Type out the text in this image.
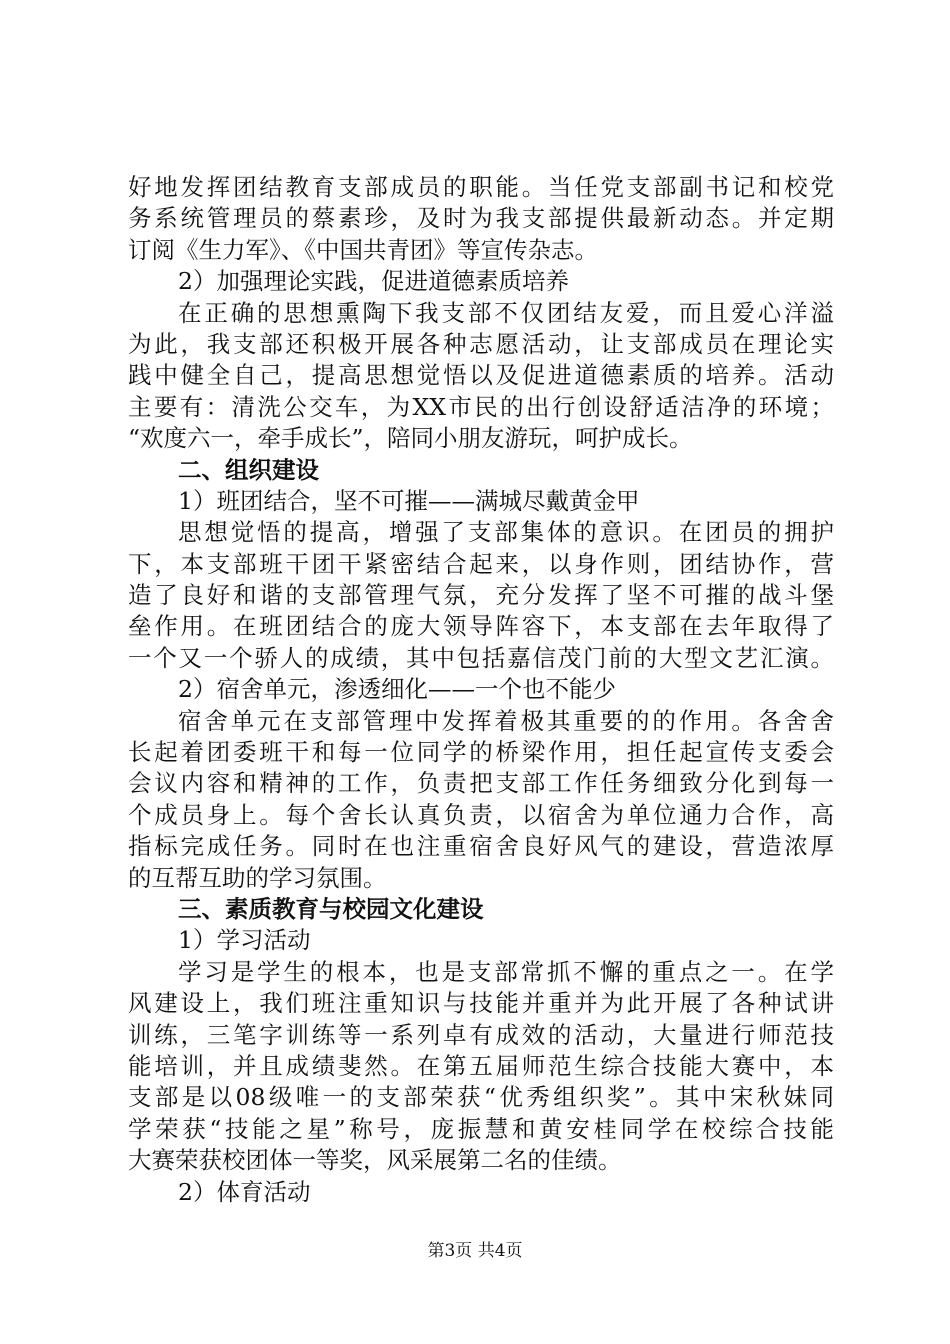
好地发挥团结教育支部成员的职能。当任党支部副书记和校党
务系统管理员的蔡素珍，及时为我支部提供最新动态。并定期
订阅《生力军》、《中国共青团》等宣传杂志。
2）加强理论实践，促进道德素质培养
在正确的思想熏陶下我支部不仅团结友爱，而且爱心洋溢
为此，我支部还积极开展各种志愿活动，让支部成员在理论实
践中健全自己，提高思想觉悟以及促进道德素质的培养。活动
主要有：清洗公交车，为XX市民的出行创设舒适洁净的环境；
“欢度六一，牵手成长”，陪同小朋友游玩，呵护成长。
二、组织建设
1）班团结合，坚不可摧——满城尽戴黄金甲
思想觉悟的提高，增强了支部集体的意识。在团员的拥护
下，本支部班干团干紧密结合起来，以身作则，团结协作，营
造了良好和谐的支部管理气氛，充分发挥了坚不可摧的战斗堡
垒作用。在班团结合的庞大领导阵容下，本支部在去年取得了
一个又一个骄人的成绩，其中包括嘉信茂门前的大型文艺汇演。
2）宿舍单元，渗透细化——一个也不能少
宿舍单元在支部管理中发挥着极其重要的的作用。各舍舍
长起着团委班干和每一位同学的桥梁作用，担任起宣传支委会
会议内容和精神的工作，负责把支部工作任务细致分化到每一
个成员身上。每个舍长认真负责，以宿舍为单位通力合作，高
指标完成任务。同时在也注重宿舍良好风气的建设，营造浓厚
的互帮互助的学习氛围。
三、素质教育与校园文化建设
1）学习活动
学习是学生的根本，也是支部常抓不懈的重点之一。在学
风建设上，我们班注重知识与技能并重并为此开展了各种试讲
训练，三笔字训练等一系列卓有成效的活动，大量进行师范技
能培训，并且成绩斐然。在第五届师范生综合技能大赛中，本
支部是以08级唯一的支部荣获“优秀组织奖”。其中宋秋妹同
学荣获“技能之星”称号，庞振慧和黄安桂同学在校综合技能
大赛荣获校团体一等奖，风采展第二名的佳绩。
2）体育活动
第3页 共4页
